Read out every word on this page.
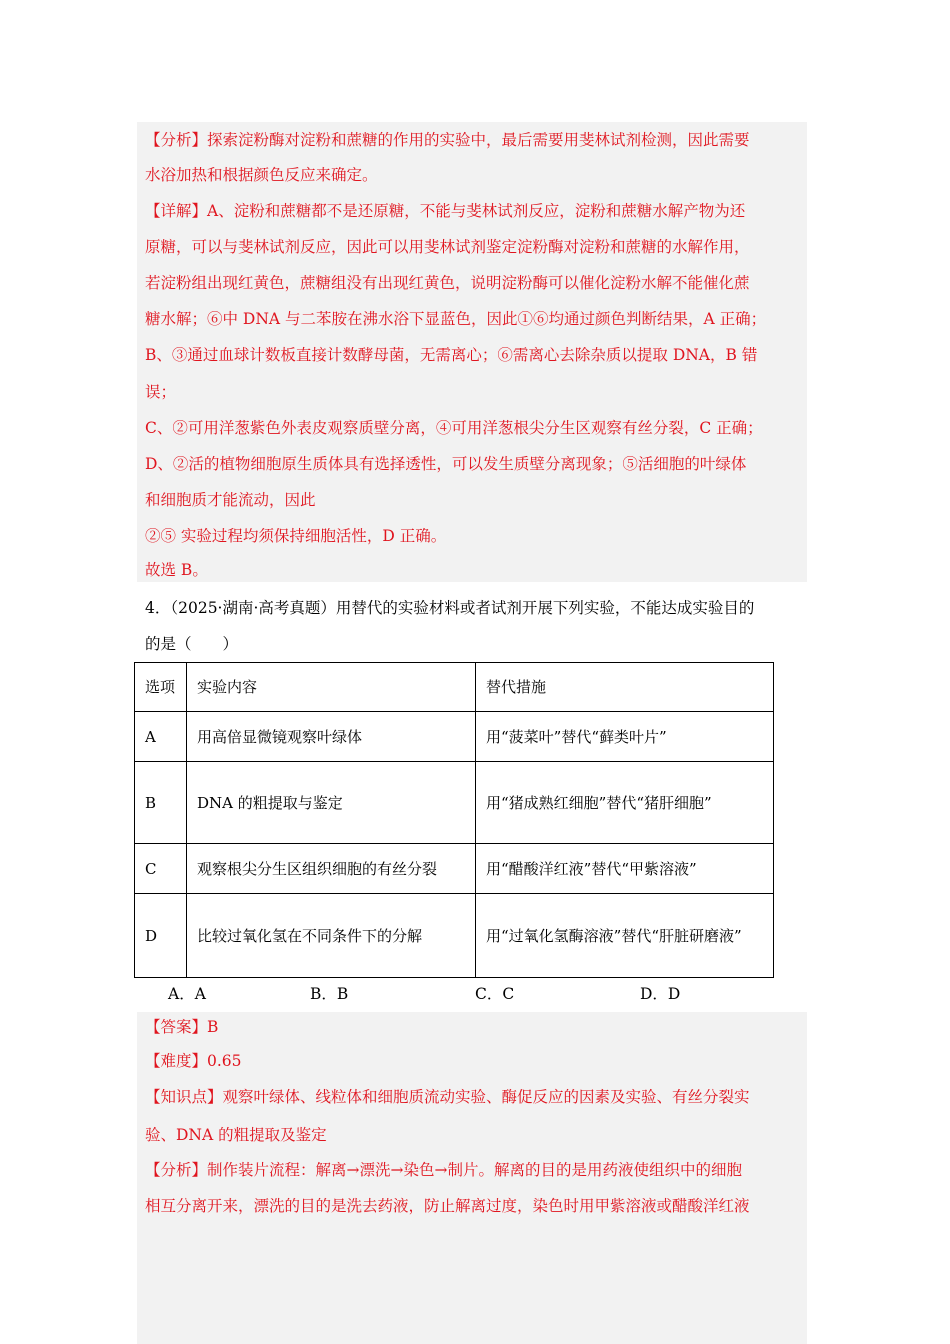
【分析】探索淀粉酶对淀粉和蔗糖的作用的实验中，最后需要用斐林试剂检测，因此需要
水浴加热和根据颜色反应来确定。
【详解】A、淀粉和蔗糖都不是还原糖，不能与斐林试剂反应，淀粉和蔗糖水解产物为还
原糖，可以与斐林试剂反应，因此可以用斐林试剂鉴定淀粉酶对淀粉和蔗糖的水解作用，
若淀粉组出现红黄色，蔗糖组没有出现红黄色，说明淀粉酶可以催化淀粉水解不能催化蔗
糖水解；⑥中 DNA 与二苯胺在沸水浴下显蓝色，因此①⑥均通过颜色判断结果，A 正确；
B、③通过血球计数板直接计数酵母菌，无需离心；⑥需离心去除杂质以提取 DNA，B 错
误；
C、②可用洋葱紫色外表皮观察质壁分离，④可用洋葱根尖分生区观察有丝分裂，C 正确；
D、②活的植物细胞原生质体具有选择透性，可以发生质壁分离现象；⑤活细胞的叶绿体
和细胞质才能流动，因此
②⑤ 实验过程均须保持细胞活性，D 正确。
故选 B。
4．（2025·湖南·高考真题）用替代的实验材料或者试剂开展下列实验，不能达成实验目的
的是（　　）
选项	实验内容	替代措施
A	用高倍显微镜观察叶绿体	用“菠菜叶”替代“藓类叶片”
B	DNA 的粗提取与鉴定	用“猪成熟红细胞”替代“猪肝细胞”
C	观察根尖分生区组织细胞的有丝分裂	用“醋酸洋红液”替代“甲紫溶液”
D	比较过氧化氢在不同条件下的分解	用“过氧化氢酶溶液”替代“肝脏研磨液”
A．A	B．B	C．C	D．D
【答案】B
【难度】0.65
【知识点】观察叶绿体、线粒体和细胞质流动实验、酶促反应的因素及实验、有丝分裂实
验、DNA 的粗提取及鉴定
【分析】制作装片流程：解离→漂洗→染色→制片。解离的目的是用药液使组织中的细胞
相互分离开来，漂洗的目的是洗去药液，防止解离过度，染色时用甲紫溶液或醋酸洋红液
